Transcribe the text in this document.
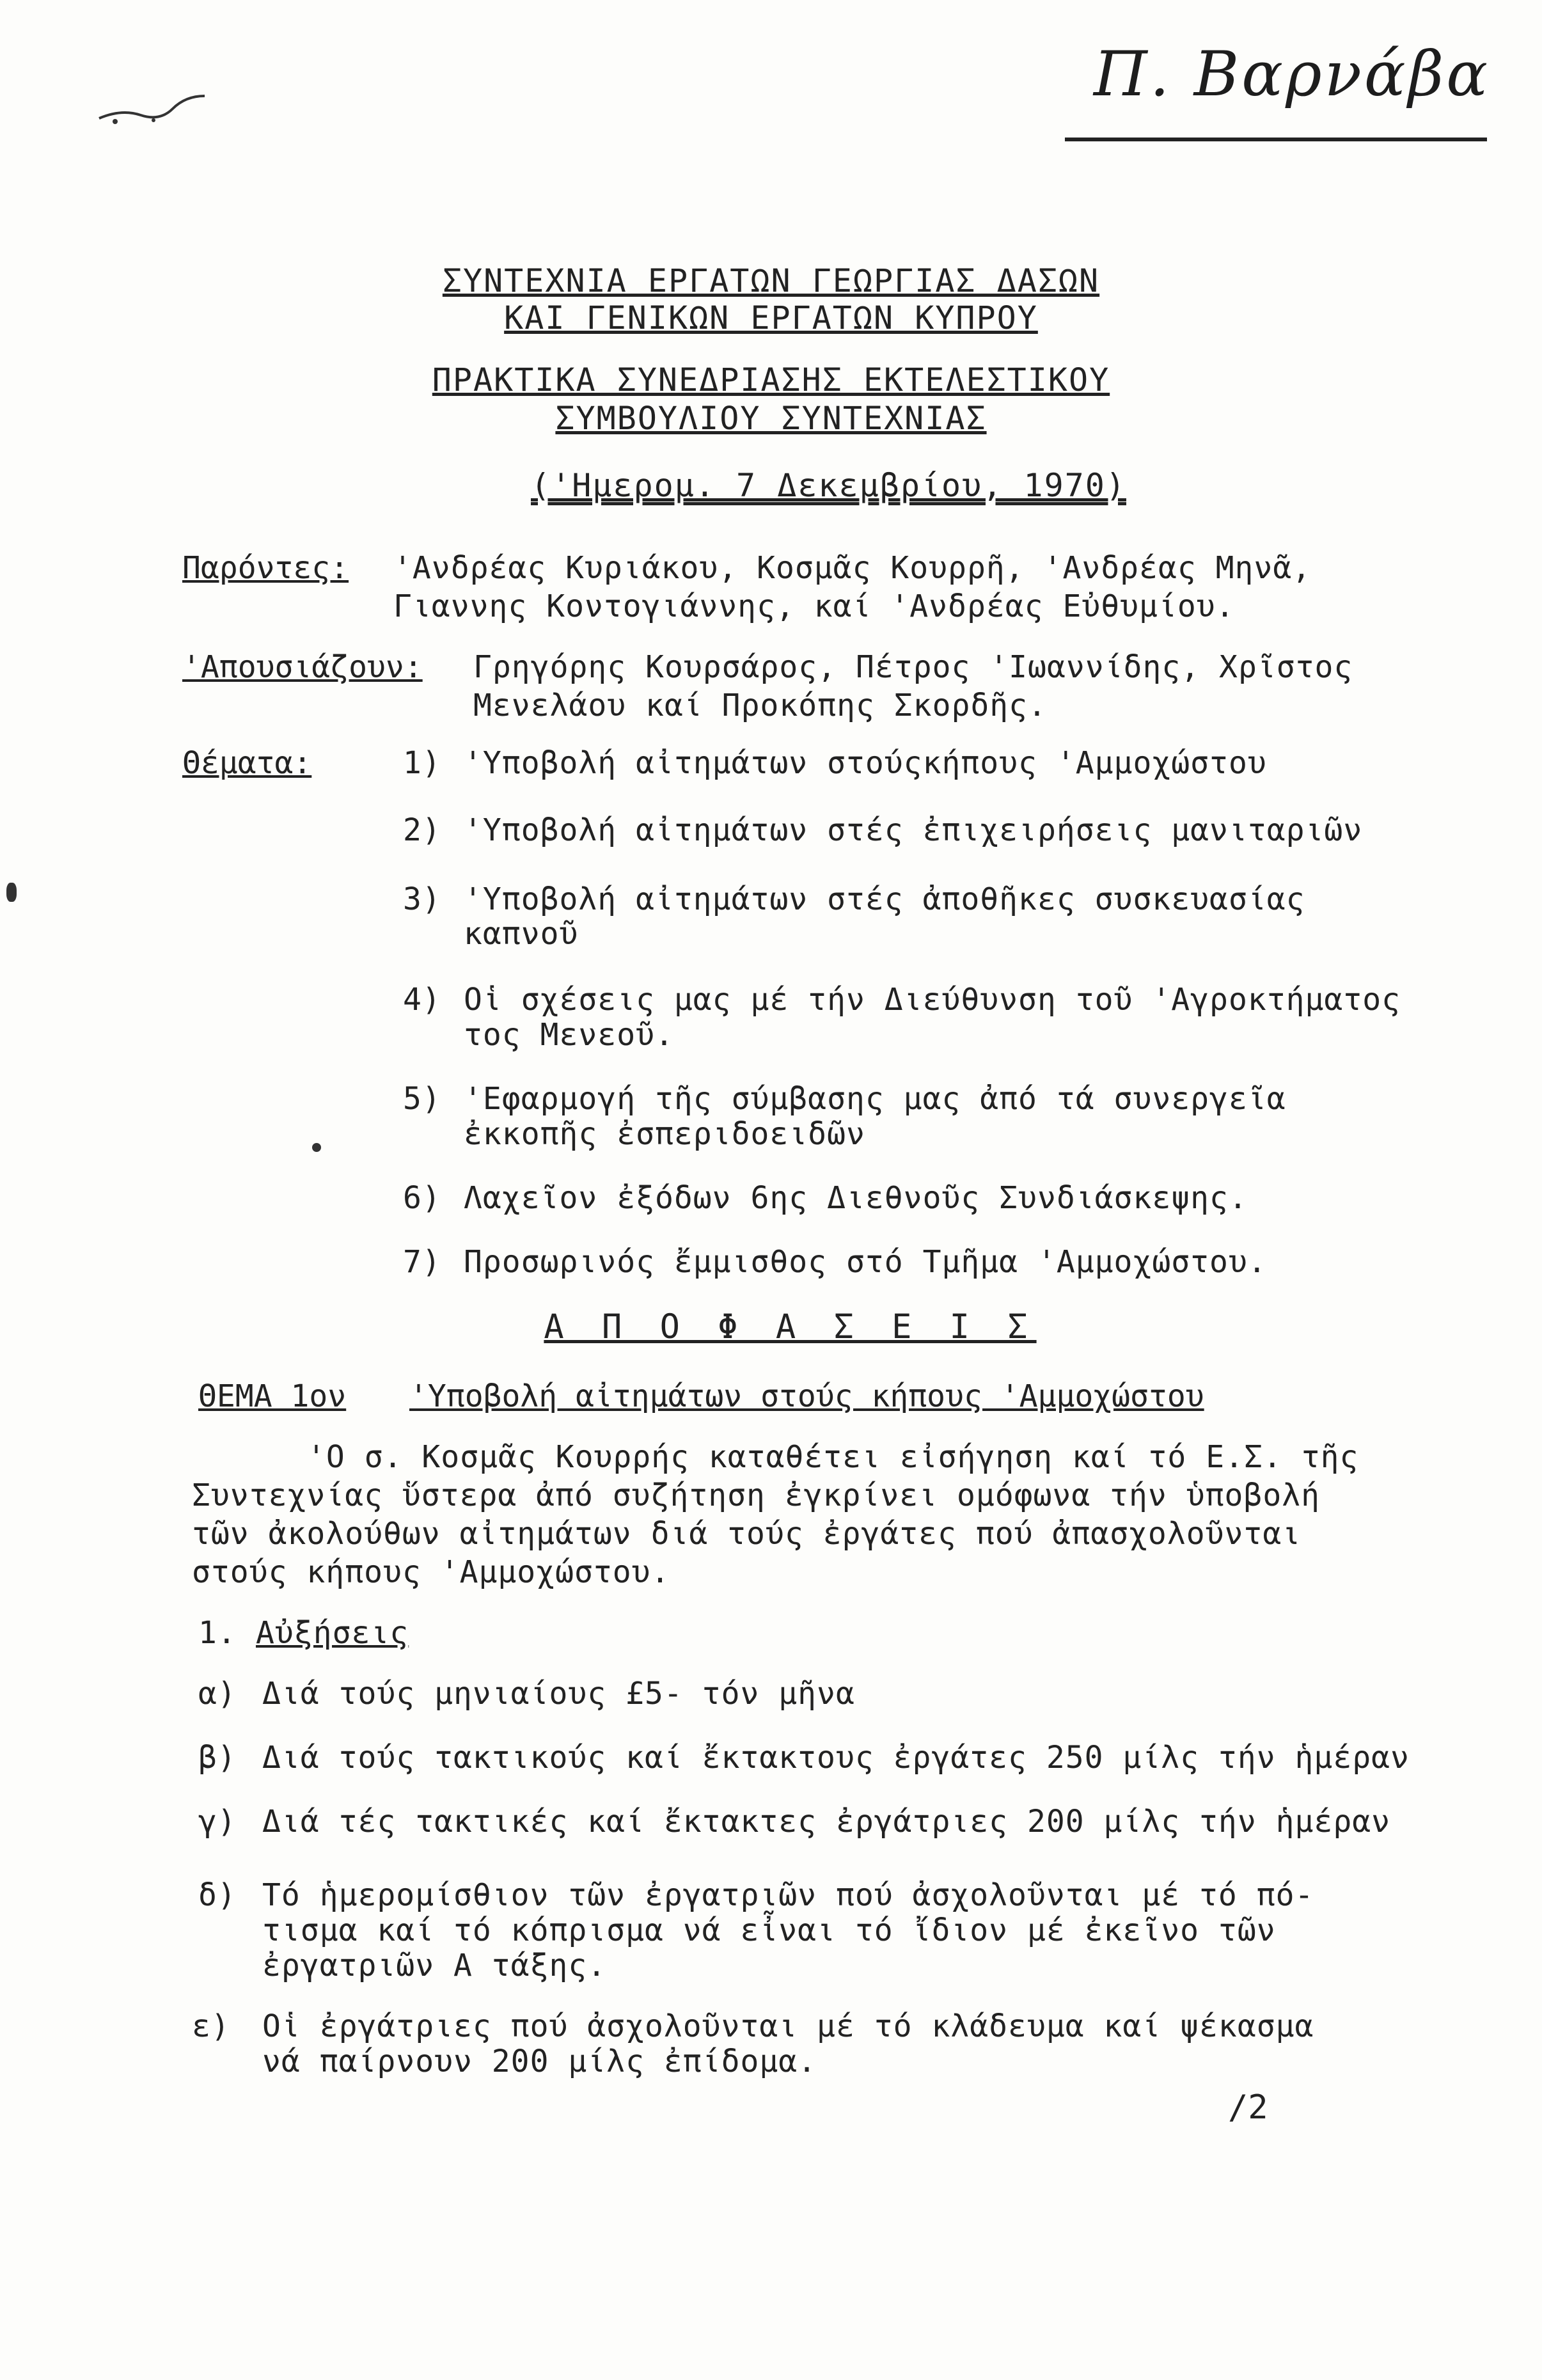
Π. Βαρνάβα
ΣΥΝΤΕΧΝΙΑ ΕΡΓΑΤΩΝ ΓΕΩΡΓΙΑΣ ΔΑΣΩΝ
ΚΑΙ ΓΕΝΙΚΩΝ ΕΡΓΑΤΩΝ ΚΥΠΡΟΥ
ΠΡΑΚΤΙΚΑ ΣΥΝΕΔΡΙΑΣΗΣ ΕΚΤΕΛΕΣΤΙΚΟΥ
ΣΥΜΒΟΥΛΙΟΥ ΣΥΝΤΕΧΝΙΑΣ
('Ημερομ. 7 Δεκεμβρίου, 1970)
Παρόντες: 'Ανδρέας Κυριάκου, Κοσμᾶς Κουρρῆ, 'Ανδρέας Μηνᾶ,
Γιαννης Κοντογιάννης, καί 'Ανδρέας Εὐθυμίου.
'Απουσιάζουν: Γρηγόρης Κουρσάρος, Πέτρος 'Ιωαννίδης, Χρῖστος
Μενελάου καί Προκόπης Σκορδῆς.
Θέματα:	1) 'Υποβολή αἰτημάτων στούςκήπους 'Αμμοχώστου
2) 'Υποβολή αἰτημάτων στές ἐπιχειρήσεις μανιταριῶν
3) 'Υποβολή αἰτημάτων στές ἀποθῆκες συσκευασίας
καπνοῦ
4) Οἱ σχέσεις μας μέ τήν Διεύθυνση τοῦ 'Αγροκτήματος
τος Μενεοῦ.
5) 'Εφαρμογή τῆς σύμβασης μας ἀπό τά συνεργεῖα
ἐκκοπῆς ἐσπεριδοειδῶν
6) Λαχεῖον ἐξόδων 6ης Διεθνοῦς Συνδιάσκεψης.
7) Προσωρινός ἔμμισθος στό Τμῆμα 'Αμμοχώστου.
Α Π Ο Φ Α Σ Ε Ι Σ
ΘΕΜΑ 1ον 'Υποβολή αἰτημάτων στούς κήπους 'Αμμοχώστου
'Ο σ. Κοσμᾶς Κουρρής καταθέτει εἰσήγηση καί τό Ε.Σ. τῆς
Συντεχνίας ὕστερα ἀπό συζήτηση ἐγκρίνει ομόφωνα τήν ὑποβολή
τῶν ἀκολούθων αἰτημάτων διά τούς ἐργάτες πού ἀπασχολοῦνται
στούς κήπους 'Αμμοχώστου.
1. Αὐξήσεις
α) Διά τούς μηνιαίους £5- τόν μῆνα
β) Διά τούς τακτικούς καί ἔκτακτους ἐργάτες 250 μίλς τήν ἡμέραν
γ) Διά τές τακτικές καί ἔκτακτες ἐργάτριες 200 μίλς τήν ἡμέραν
δ) Τό ἡμερομίσθιον τῶν ἐργατριῶν πού ἀσχολοῦνται μέ τό πό-
τισμα καί τό κόπρισμα νά εἶναι τό ἴδιον μέ ἐκεῖνο τῶν
ἐργατριῶν Α τάξης.
ε) Οἱ ἐργάτριες πού ἀσχολοῦνται μέ τό κλάδευμα καί ψέκασμα
νά παίρνουν 200 μίλς ἐπίδομα.
/2
